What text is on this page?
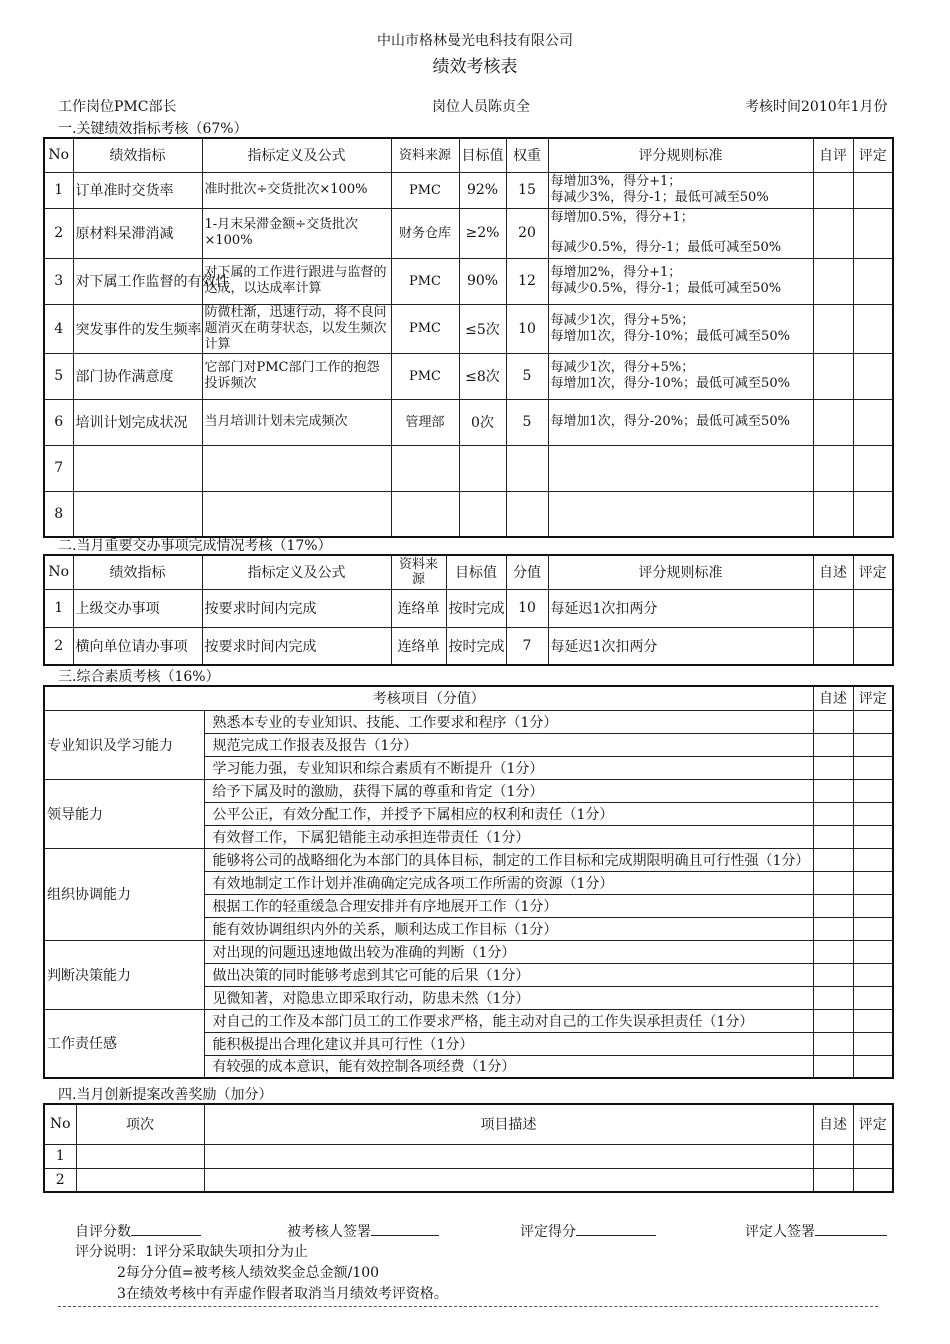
中山市格林曼光电科技有限公司
绩效考核表
工作岗位PMC部长	岗位人员陈贞全	考核时间2010年1月份
一.关键绩效指标考核（67%）
No	绩效指标	指标定义及公式	资料来源	目标值	权重	评分规则标准	自评	评定
1	订单准时交货率	准时批次÷交货批次×100%	PMC	92%	15	每增加3%，得分+1；
每减少3%，得分-1；最低可减至50%		

2	原材料呆滞消减	1-月末呆滞金额÷交货批次×100%	财务仓库	≥2%	20	每增加0.5%，得分+1；
每减少0.5%，得分-1；最低可减至50%		

3	对下属工作监督的有效性	对下属的工作进行跟进与监督的达成，以达成率计算	PMC	90%	12	每增加2%，得分+1；
每减少0.5%，得分-1；最低可减至50%		

4	突发事件的发生频率	防微杜渐，迅速行动，将不良问题消灭在萌芽状态，以发生频次计算	PMC	≤5次	10	每减少1次，得分+5%；
每增加1次，得分-10%；最低可减至50%		

5	部门协作满意度	它部门对PMC部门工作的抱怨投诉频次	PMC	≤8次	5	每减少1次，得分+5%；
每增加1次，得分-10%；最低可减至50%		

6	培训计划完成状况	当月培训计划未完成频次	管理部	0次	5	每增加1次，得分-20%；最低可减至50%		

7								
8								
二.当月重要交办事项完成情况考核（17%）
No	绩效指标	指标定义及公式	资料来源	目标值	分值	评分规则标准	自述	评定
1	上级交办事项	按要求时间内完成	连络单	按时完成	10	每延迟1次扣两分		
2	横向单位请办事项	按要求时间内完成	连络单	按时完成	7	每延迟1次扣两分		
三.综合素质考核（16%）
考核项目（分值）		自述	评定
专业知识及学习能力	熟悉本专业的专业知识、技能、工作要求和程序（1分）		
	规范完成工作报表及报告（1分）		
	学习能力强，专业知识和综合素质有不断提升（1分）		
领导能力	给予下属及时的激励，获得下属的尊重和肯定（1分）		
	公平公正，有效分配工作，并授予下属相应的权利和责任（1分）		
	有效督工作，下属犯错能主动承担连带责任（1分）		
组织协调能力	能够将公司的战略细化为本部门的具体目标，制定的工作目标和完成期限明确且可行性强（1分）		
	有效地制定工作计划并准确确定完成各项工作所需的资源（1分）		
	根据工作的轻重缓急合理安排并有序地展开工作（1分）		
	能有效协调组织内外的关系，顺利达成工作目标（1分）		
判断决策能力	对出现的问题迅速地做出较为准确的判断（1分）		
	做出决策的同时能够考虑到其它可能的后果（1分）		
	见微知著，对隐患立即采取行动，防患未然（1分）		
工作责任感	对自己的工作及本部门员工的工作要求严格，能主动对自己的工作失误承担责任（1分）		
	能积极提出合理化建议并具可行性（1分）		
	有较强的成本意识，能有效控制各项经费（1分）		
四.当月创新提案改善奖励（加分）
No	项次	项目描述	自述	评定
1				
2				
自评分数	被考核人签署	评定得分	评定人签署
评分说明：1评分采取缺失项扣分为止
2每分分值=被考核人绩效奖金总金额/100
3在绩效考核中有弄虚作假者取消当月绩效考评资格。
